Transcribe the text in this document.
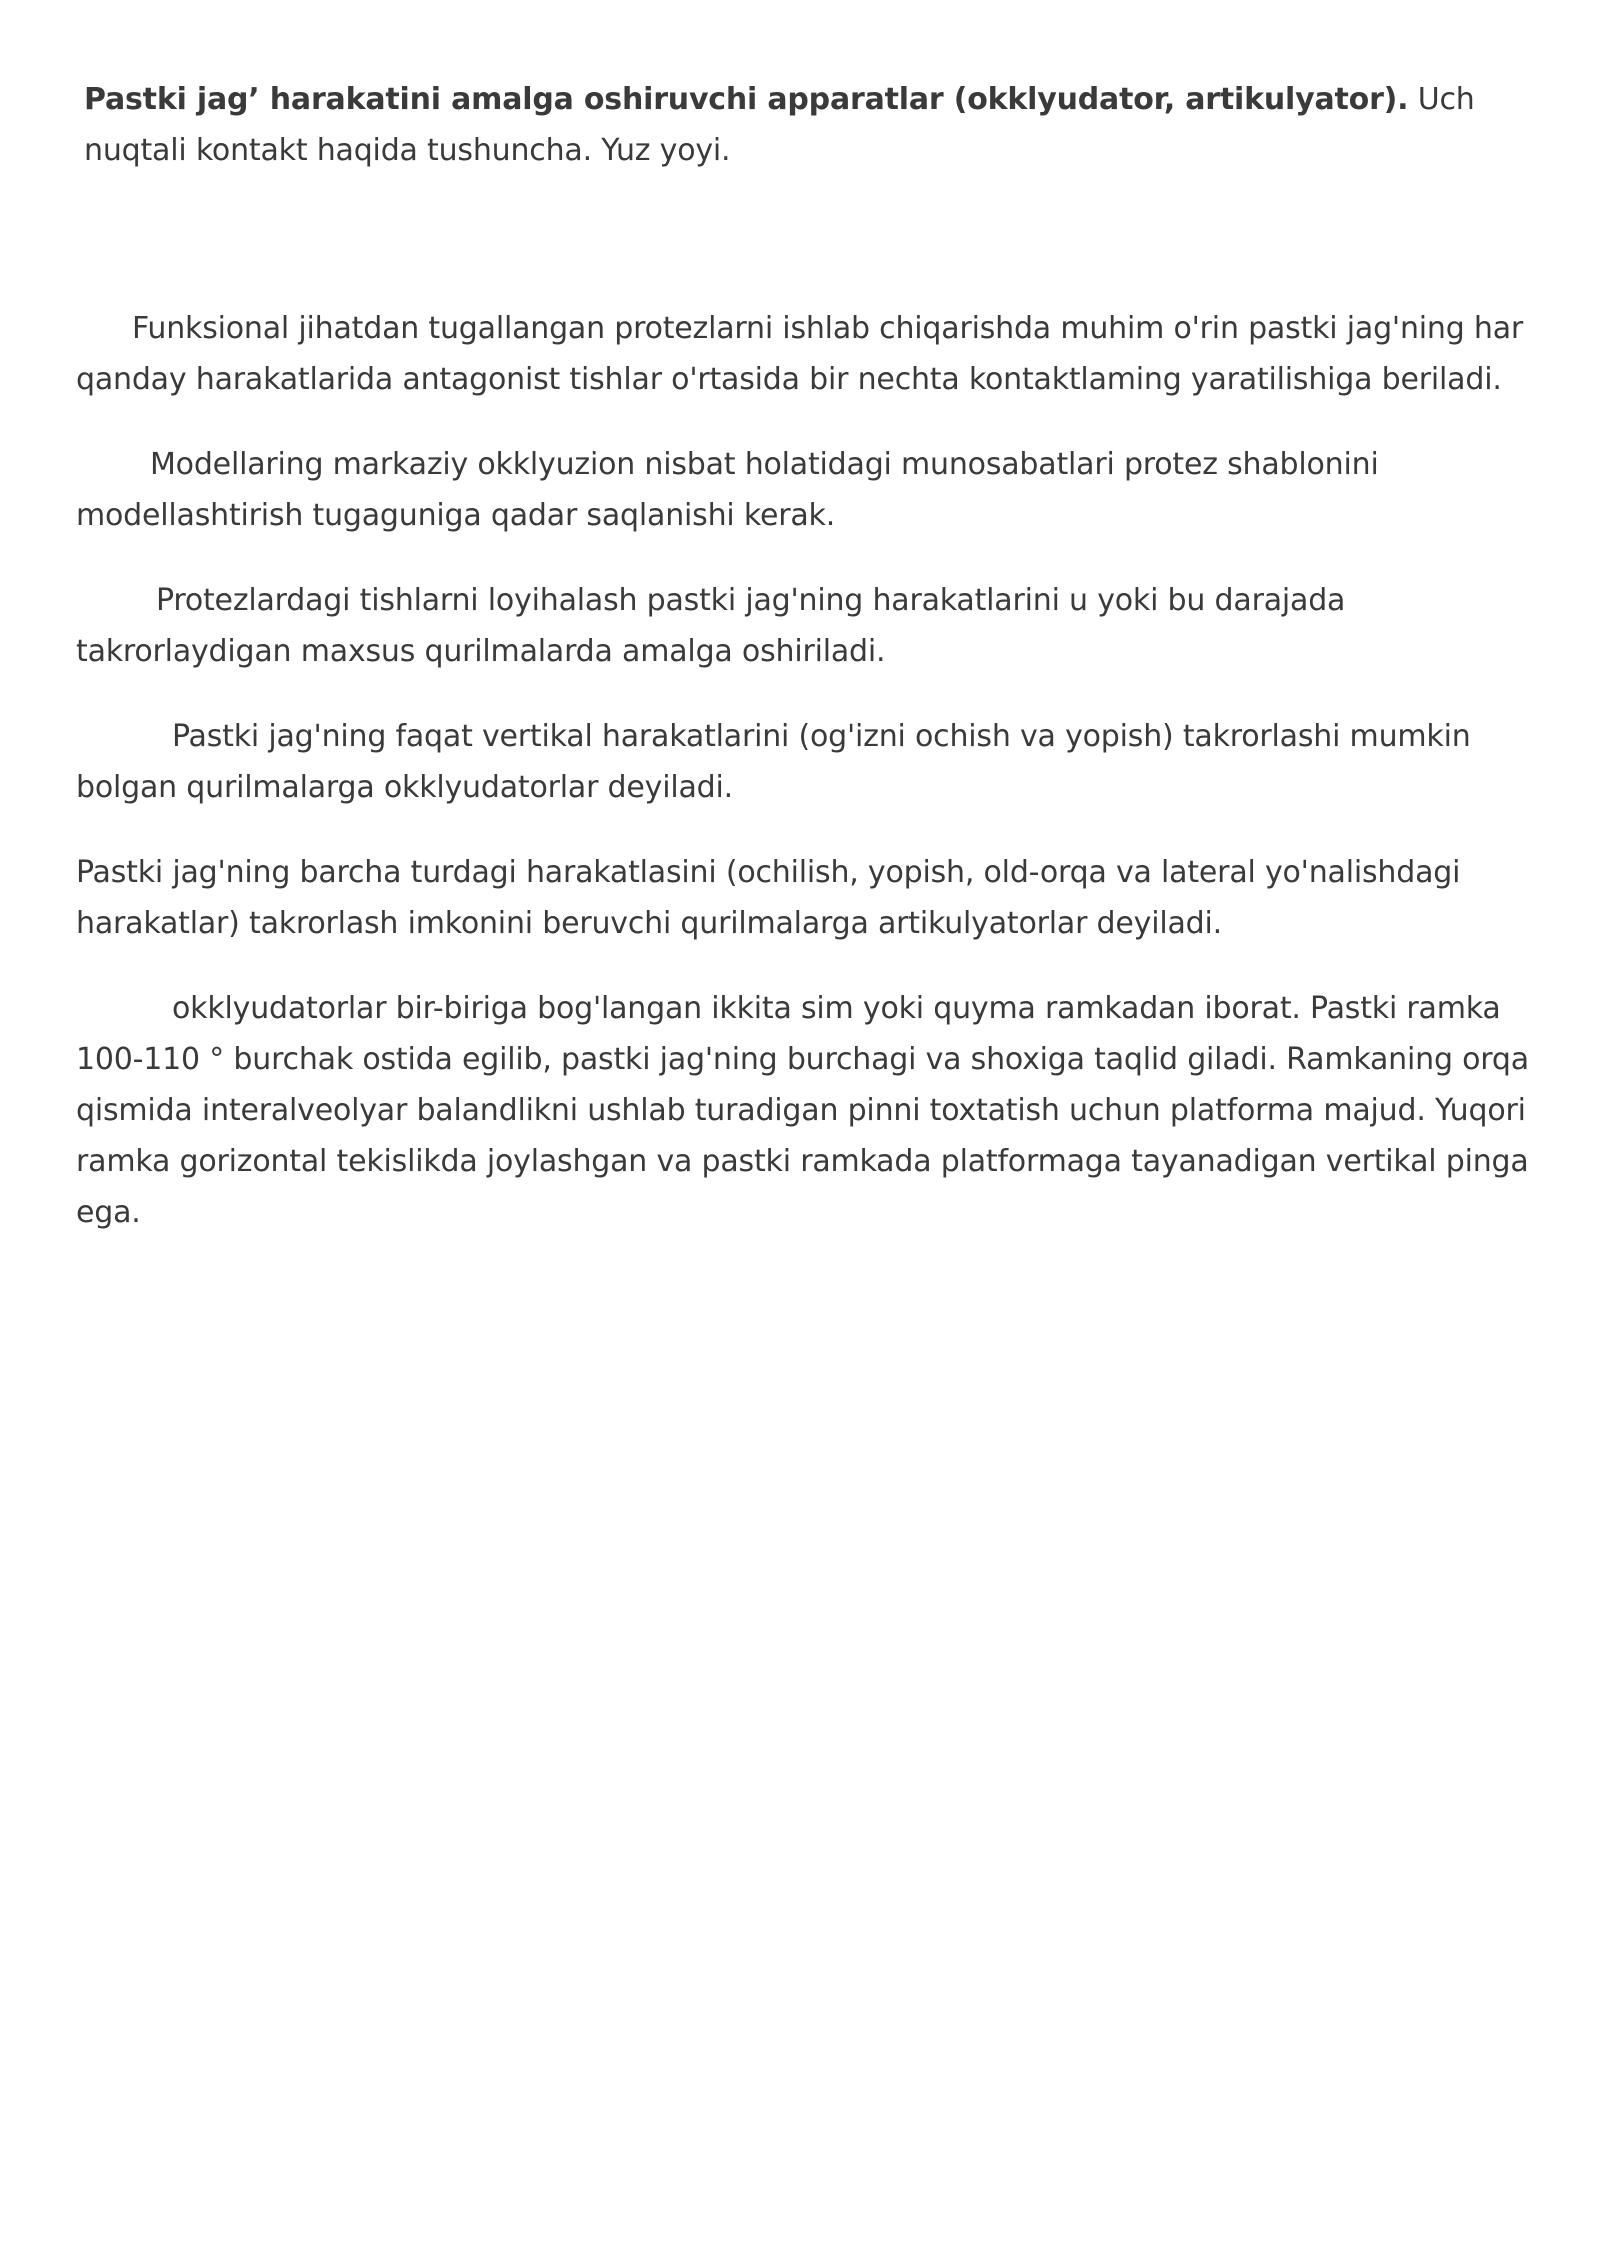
Pastki jag’ harakatini amalga oshiruvchi apparatlar (okklyudator, artikulyator). Uch nuqtali kontakt haqida tushuncha. Yuz yoyi.

Funksional jihatdan tugallangan protezlarni ishlab chiqarishda muhim o'rin pastki jag'ning har qanday harakatlarida antagonist tishlar o'rtasida bir nechta kontaktlaming yaratilishiga beriladi.

Modellaring markaziy okklyuzion nisbat holatidagi munosabatlari protez shablonini modellashtirish tugaguniga qadar saqlanishi kerak.

Protezlardagi tishlarni loyihalash pastki jag'ning harakatlarini u yoki bu darajada takrorlaydigan maxsus qurilmalarda amalga oshiriladi.

Pastki jag'ning faqat vertikal harakatlarini (og'izni ochish va yopish) takrorlashi mumkin bolgan qurilmalarga okklyudatorlar deyiladi.

Pastki jag'ning barcha turdagi harakatlasini (ochilish, yopish, old-orqa va lateral yo'nalishdagi harakatlar) takrorlash imkonini beruvchi qurilmalarga artikulyatorlar deyiladi.

okklyudatorlar bir-biriga bog'langan ikkita sim yoki quyma ramkadan iborat. Pastki ramka 100-110 ° burchak ostida egilib, pastki jag'ning burchagi va shoxiga taqlid giladi. Ramkaning orqa qismida interalveolyar balandlikni ushlab turadigan pinni toxtatish uchun platforma majud. Yuqori ramka gorizontal tekislikda joylashgan va pastki ramkada platformaga tayanadigan vertikal pinga ega.
